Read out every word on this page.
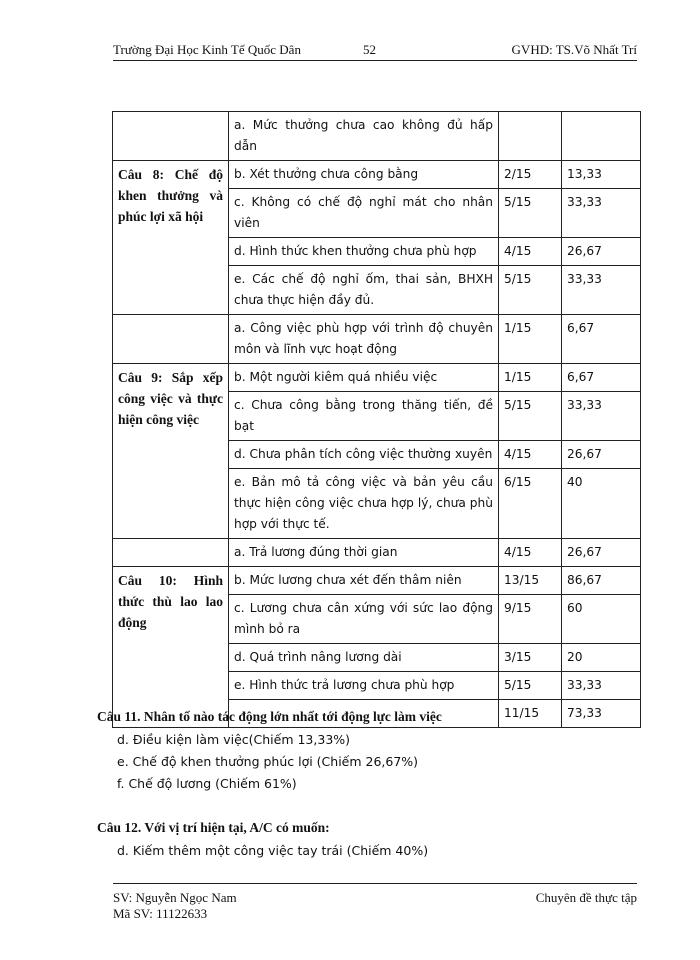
Trường Đại Học Kinh Tế Quốc Dân	52	GVHD: TS.Võ Nhất Trí
	a. Mức thưởng chưa cao không đủ hấp dẫn		
Câu 8: Chế độ khen thưởng và phúc lợi xã hội	b. Xét thưởng chưa công bằng	2/15	13,33
	c. Không có chế độ nghỉ mát cho nhân viên	5/15	33,33
	d. Hình thức khen thưởng chưa phù hợp	4/15	26,67
	e. Các chế độ nghỉ ốm, thai sản, BHXH chưa thực hiện đầy đủ.	5/15	33,33
	a. Công việc phù hợp với trình độ chuyên môn và lĩnh vực hoạt động	1/15	6,67
Câu 9: Sắp xếp công việc và thực hiện công việc	b. Một người kiêm quá nhiều việc	1/15	6,67
	c. Chưa công bằng trong thăng tiến, đề bạt	5/15	33,33
	d. Chưa phân tích công việc thường xuyên	4/15	26,67
	e. Bản mô tả công việc và bản yêu cầu thực hiện công việc chưa hợp lý, chưa phù hợp với thực tế.	6/15	40
	a. Trả lương đúng thời gian	4/15	26,67
Câu 10: Hình thức thù lao lao động	b. Mức lương chưa xét đến thâm niên	13/15	86,67
	c. Lương chưa cân xứng với sức lao động mình bỏ ra	9/15	60
	d. Quá trình nâng lương dài	3/15	20
	e. Hình thức trả lương chưa phù hợp	5/15	33,33
		11/15	73,33
Câu 11. Nhân tố nào tác động lớn nhất tới động lực làm việc
d. Điều kiện làm việc(Chiếm 13,33%)
e. Chế độ khen thưởng phúc lợi (Chiếm 26,67%)
f. Chế độ lương (Chiếm 61%)
Câu 12. Với vị trí hiện tại, A/C có muốn:
d. Kiếm thêm một công việc tay trái (Chiếm 40%)
SV: Nguyễn Ngọc Nam
Mã SV: 11122633
Chuyên đề thực tập
